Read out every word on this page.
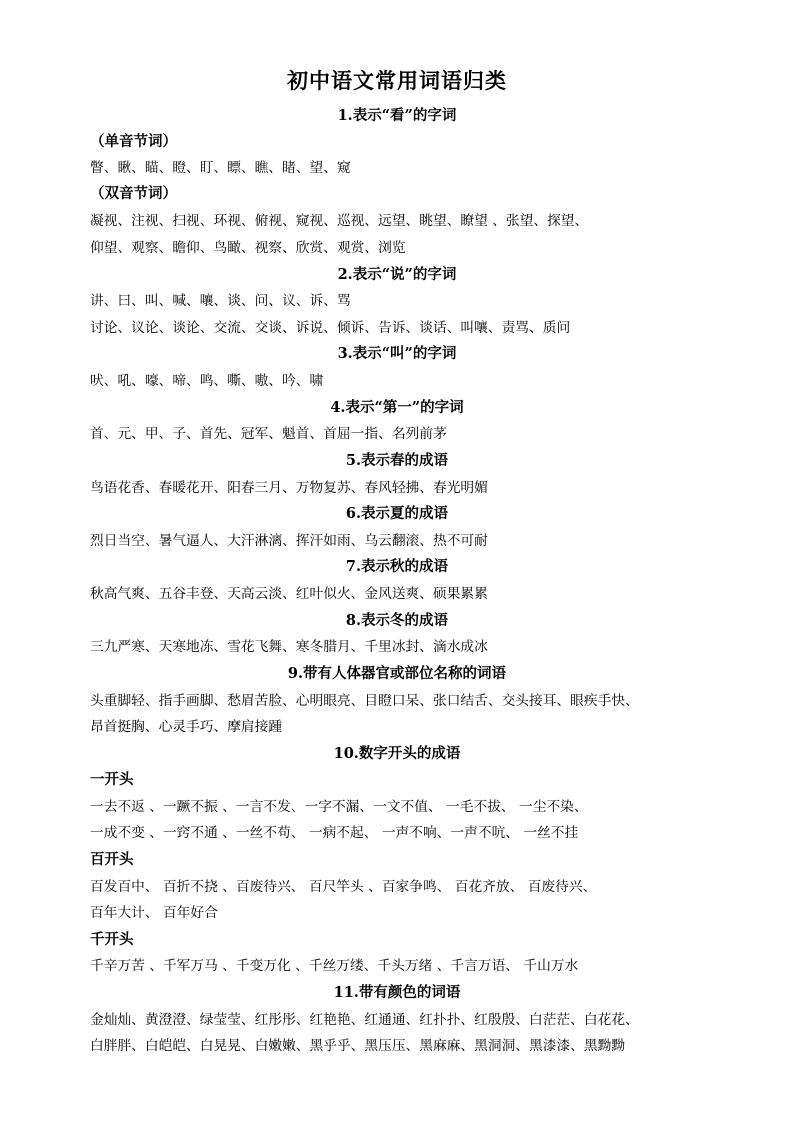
初中语文常用词语归类
1.表示“看”的字词
（单音节词）
瞥、瞅、瞄、瞪、盯、瞟、瞧、睹、望、窥
（双音节词）
凝视、注视、扫视、环视、俯视、窥视、巡视、远望、眺望、瞭望 、张望、探望、
仰望、观察、瞻仰、鸟瞰、视察、欣赏、观赏、浏览
2.表示“说”的字词
讲、曰、叫、喊、嚷、谈、问、议、诉、骂
讨论、议论、谈论、交流、交谈、诉说、倾诉、告诉、谈话、叫嚷、责骂、质问
3.表示“叫”的字词
吠、吼、嚎、啼、鸣、嘶、嗷、吟、啸
4.表示“第一”的字词
首、元、甲、子、首先、冠军、魁首、首屈一指、名列前茅
5.表示春的成语
鸟语花香、春暖花开、阳春三月、万物复苏、春风轻拂、春光明媚
6.表示夏的成语
烈日当空、暑气逼人、大汗淋漓、挥汗如雨、乌云翻滚、热不可耐
7.表示秋的成语
秋高气爽、五谷丰登、天高云淡、红叶似火、金风送爽、硕果累累
8.表示冬的成语
三九严寒、天寒地冻、雪花飞舞、寒冬腊月、千里冰封、滴水成冰
9.带有人体器官或部位名称的词语
头重脚轻、指手画脚、愁眉苦脸、心明眼亮、目瞪口呆、张口结舌、交头接耳、眼疾手快、
昂首挺胸、心灵手巧、摩肩接踵
10.数字开头的成语
一开头
一去不返 、一蹶不振 、一言不发、一字不漏、一文不值、 一毛不拔、 一尘不染、
一成不变 、一窍不通 、一丝不苟、 一病不起、 一声不响、一声不吭、 一丝不挂
百开头
百发百中、 百折不挠 、百废待兴、 百尺竿头 、百家争鸣、 百花齐放、 百废待兴、
百年大计、 百年好合
千开头
千辛万苦 、千军万马 、千变万化 、千丝万缕、千头万绪 、千言万语、 千山万水
11.带有颜色的词语
金灿灿、黄澄澄、绿莹莹、红彤彤、红艳艳、红通通、红扑扑、红殷殷、白茫茫、白花花、
白胖胖、白皑皑、白晃晃、白嫩嫩、黑乎乎、黑压压、黑麻麻、黑洞洞、黑漆漆、黑黝黝
